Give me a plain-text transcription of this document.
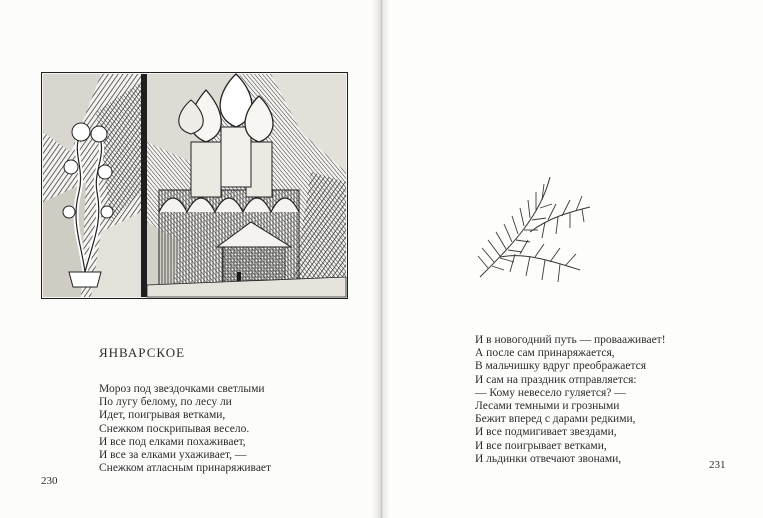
ЯНВАРСКОЕ
Мороз под звездочками светлыми
По лугу белому, по лесу ли
Идет, поигрывая ветками,
Снежком поскрипывая весело.
И все под елками похаживает,
И все за елками ухаживает, —
Снежком атласным принаряживает
И в новогодний путь — провааживает!
А после сам принаряжается,
В мальчишку вдруг преображается
И сам на праздник отправляется:
— Кому невесело гуляется? —
Лесами темными и грозными
Бежит вперед с дарами редкими,
И все подмигивает звездами,
И все поигрывает ветками,
И льдинки отвечают звонами,
230
231
